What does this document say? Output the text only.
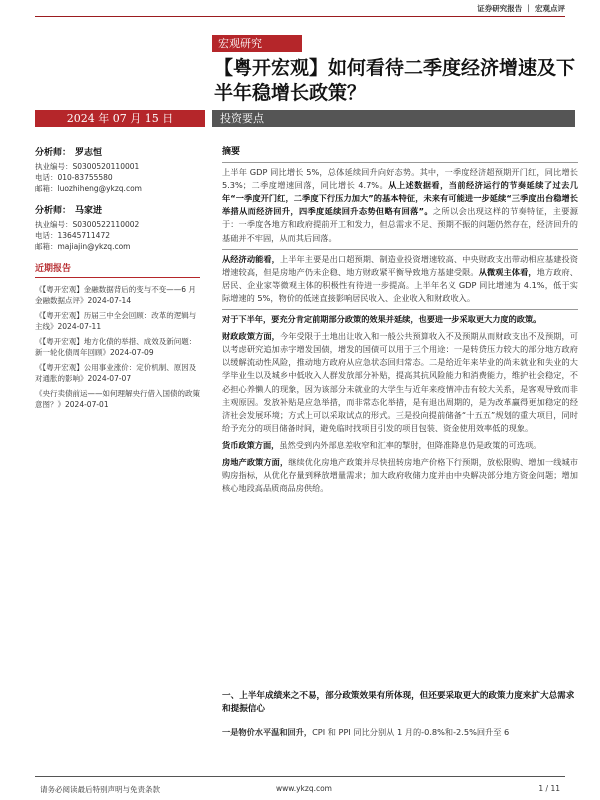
证券研究报告 ｜ 宏观点评
宏观研究
【粤开宏观】如何看待二季度经济增速及下半年稳增长政策？
2024 年 07 月 15 日	投资要点
分析师： 罗志恒
执业编号：S0300520110001
电话：010-83755580
邮箱：luozhiheng@ykzq.com
分析师： 马家进
执业编号：S0300522110002
电话：13645711472
邮箱：majiajin@ykzq.com
近期报告
《【粤开宏观】金融数据背后的变与不变——6 月金融数据点评》2024-07-14
《【粤开宏观】历届三中全会回顾：改革的逻辑与主线》2024-07-11
《【粤开宏观】地方化债的举措、成效及新问题：新一轮化债周年回顾》2024-07-09
《【粤开宏观】公用事业涨价：定价机制、原因及对通胀的影响》2024-07-07
《央行卖债前运——如何理解央行借入国债的政策意图？》2024-07-01
摘要
上半年 GDP 同比增长 5%，总体延续回升向好态势。其中，一季度经济超预期开门红，同比增长 5.3%；二季度增速回落，同比增长 4.7%。从上述数据看，当前经济运行的节奏延续了过去几年“一季度开门红，二季度下行压力加大”的基本特征，未来有可能进一步延续“三季度出台稳增长举措从而经济回升，四季度延续回升态势但略有回落”。之所以会出现这样的节奏特征，主要源于：一季度各地方和政府提前开工和发力，但总需求不足、预期不振的问题仍然存在，经济回升的基础并不牢固，从而其后回落。
从经济动能看，上半年主要是出口超预期、制造业投资增速较高、中央财政支出带动相应基建投资增速较高，但是房地产仍未企稳、地方财政紧平衡导致地方基建受限。从微观主体看，地方政府、居民、企业家等微观主体的积极性有待进一步提高。上半年名义 GDP 同比增速为 4.1%，低于实际增速的 5%，物价的低迷直接影响居民收入、企业收入和财政收入。
对于下半年，要充分肯定前期部分政策的效果并延续，也要进一步采取更大力度的政策。
财政政策方面，今年受限于土地出让收入和一般公共预算收入不及预期从而财政支出不及预期，可以考虑研究追加赤字增发国债，增发的国债可以用于三个用途：一是转贷压力较大的部分地方政府以缓解流动性风险，推动地方政府从应急状态回归常态。二是给近年来毕业的尚未就业和失业的大学毕业生以及城乡中低收入人群发放部分补贴，提高其抗风险能力和消费能力，维护社会稳定，不必担心养懒人的现象，因为该部分未就业的大学生与近年来疫情冲击有较大关系，是客观导致而非主观原因。发放补贴是应急举措，而非常态化举措，是有退出周期的，是为改革赢得更加稳定的经济社会发展环境；方式上可以采取试点的形式。三是投向提前储备“十五五”规划的重大项目，同时给予充分的项目储备时间，避免临时找项目引发的项目包装、资金使用效率低的现象。
货币政策方面，虽然受到内外部息差收窄和汇率的掣肘，但降准降息仍是政策的可选项。
房地产政策方面，继续优化房地产政策并尽快扭转房地产价格下行预期，放松限购、增加一线城市购房指标，从优化存量到释放增量需求；加大政府收储力度并由中央解决部分地方资金问题；增加核心地段高品质商品房供给。
一、上半年成绩来之不易，部分政策效果有所体现，但还要采取更大的政策力度来扩大总需求和提振信心
一是物价水平温和回升，CPI 和 PPI 同比分别从 1 月的-0.8%和-2.5%回升至 6
请务必阅读最后特别声明与免责条款	www.ykzq.com	1 / 11
